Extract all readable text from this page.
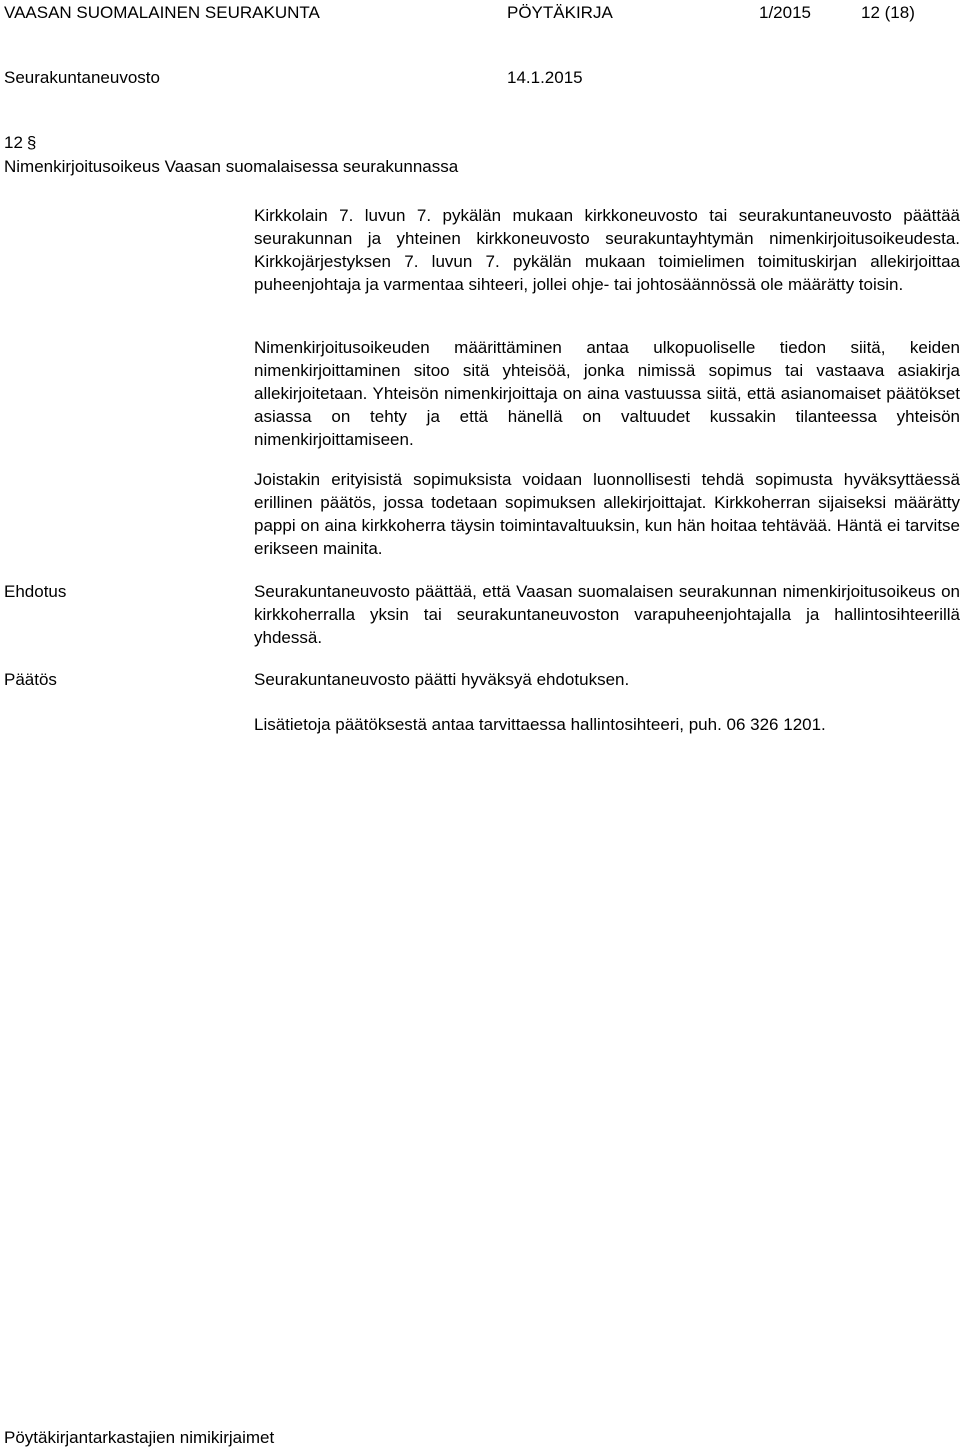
VAASAN SUOMALAINEN SEURAKUNTA	PÖYTÄKIRJA	1/2015	12 (18)
Seurakuntaneuvosto	14.1.2015
12 §
Nimenkirjoitusoikeus Vaasan suomalaisessa seurakunnassa

Kirkkolain 7. luvun 7. pykälän mukaan kirkkoneuvosto tai seurakuntaneuvosto päättää seurakunnan ja yhteinen kirkkoneuvosto seurakuntayhtymän nimenkirjoitusoikeudesta. Kirkkojärjestyksen 7. luvun 7. pykälän mukaan toimielimen toimituskirjan allekirjoittaa puheenjohtaja ja varmentaa sihteeri, jollei ohje- tai johtosäännössä ole määrätty toisin.

Nimenkirjoitusoikeuden määrittäminen antaa ulkopuoliselle tiedon siitä, keiden nimenkirjoittaminen sitoo sitä yhteisöä, jonka nimissä sopimus tai vastaava asiakirja allekirjoitetaan. Yhteisön nimenkirjoittaja on aina vastuussa siitä, että asianomaiset päätökset asiassa on tehty ja että hänellä on valtuudet kussakin tilanteessa yhteisön nimenkirjoittamiseen.

Joistakin erityisistä sopimuksista voidaan luonnollisesti tehdä sopimusta hyväksyttäessä erillinen päätös, jossa todetaan sopimuksen allekirjoittajat. Kirkkoherran sijaiseksi määrätty pappi on aina kirkkoherra täysin toimintavaltuuksin, kun hän hoitaa tehtävää. Häntä ei tarvitse erikseen mainita.

Ehdotus	Seurakuntaneuvosto päättää, että Vaasan suomalaisen seurakunnan nimenkirjoitusoikeus on kirkkoherralla yksin tai seurakuntaneuvoston varapuheenjohtajalla ja hallintosihteerillä yhdessä.

Päätös	Seurakuntaneuvosto päätti hyväksyä ehdotuksen.

Lisätietoja päätöksestä antaa tarvittaessa hallintosihteeri, puh. 06 326 1201.

Pöytäkirjantarkastajien nimikirjaimet
